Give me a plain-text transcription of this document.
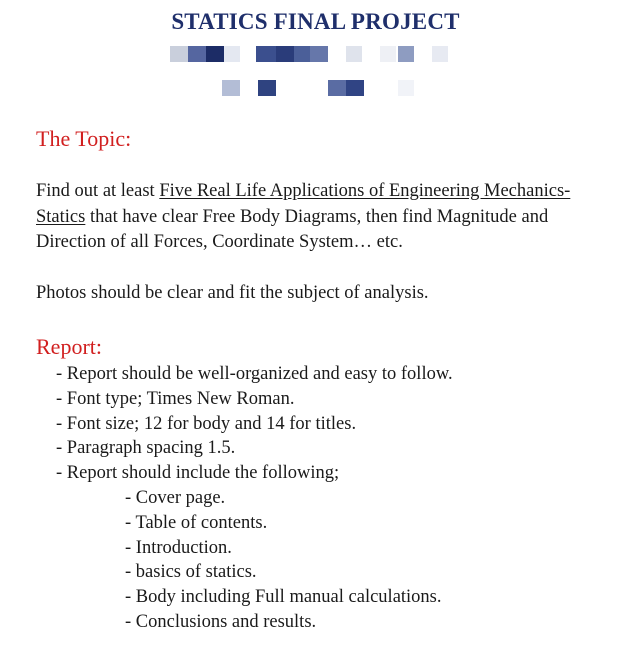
STATICS FINAL PROJECT
The Topic:
Find out at least Five Real Life Applications of Engineering Mechanics-Statics that have clear Free Body Diagrams, then find Magnitude and Direction of all Forces, Coordinate System… etc.
Photos should be clear and fit the subject of analysis.
Report:
- Report should be well-organized and easy to follow.
- Font type; Times New Roman.
- Font size; 12 for body and 14 for titles.
- Paragraph spacing 1.5.
- Report should include the following;
- Cover page.
- Table of contents.
- Introduction.
- basics of statics.
- Body including Full manual calculations.
- Conclusions and results.
